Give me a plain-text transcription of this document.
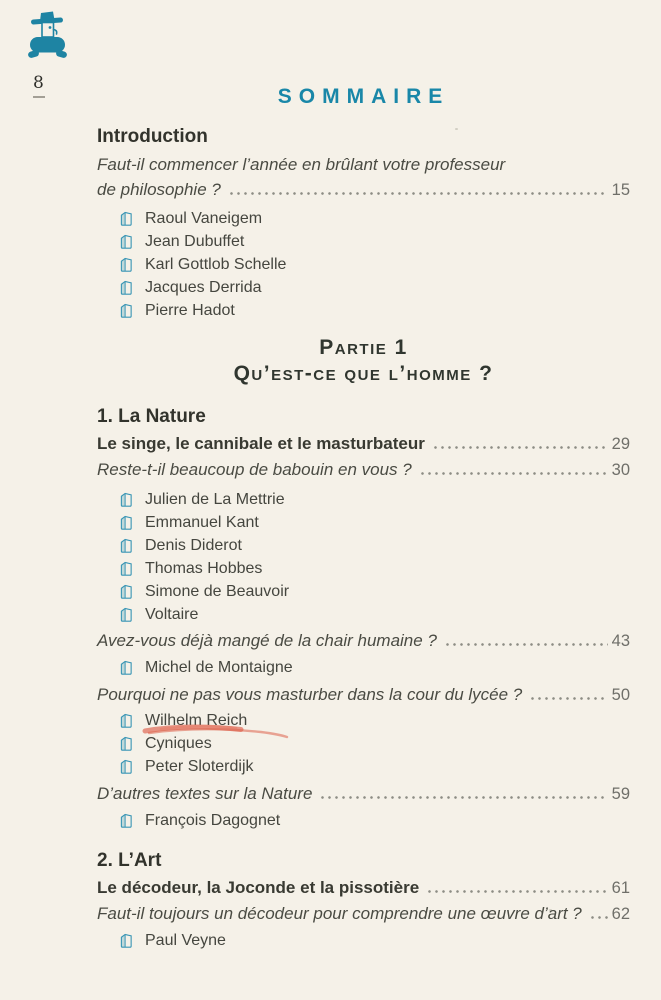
8
SOMMAIRE
Introduction
Faut-il commencer l’année en brûlant votre professeur
de philosophie ?	15
Raoul Vaneigem
Jean Dubuffet
Karl Gottlob Schelle
Jacques Derrida
Pierre Hadot
Partie 1
Qu’est-ce que l’homme ?
1. La Nature
Le singe, le cannibale et le masturbateur	29
Reste-t-il beaucoup de babouin en vous ?	30
Julien de La Mettrie
Emmanuel Kant
Denis Diderot
Thomas Hobbes
Simone de Beauvoir
Voltaire
Avez-vous déjà mangé de la chair humaine ?	43
Michel de Montaigne
Pourquoi ne pas vous masturber dans la cour du lycée ?	50
Wilhelm Reich
Cyniques
Peter Sloterdijk
D’autres textes sur la Nature	59
François Dagognet
2. L’Art
Le décodeur, la Joconde et la pissotière	61
Faut-il toujours un décodeur pour comprendre une œuvre d’art ? 62
Paul Veyne
